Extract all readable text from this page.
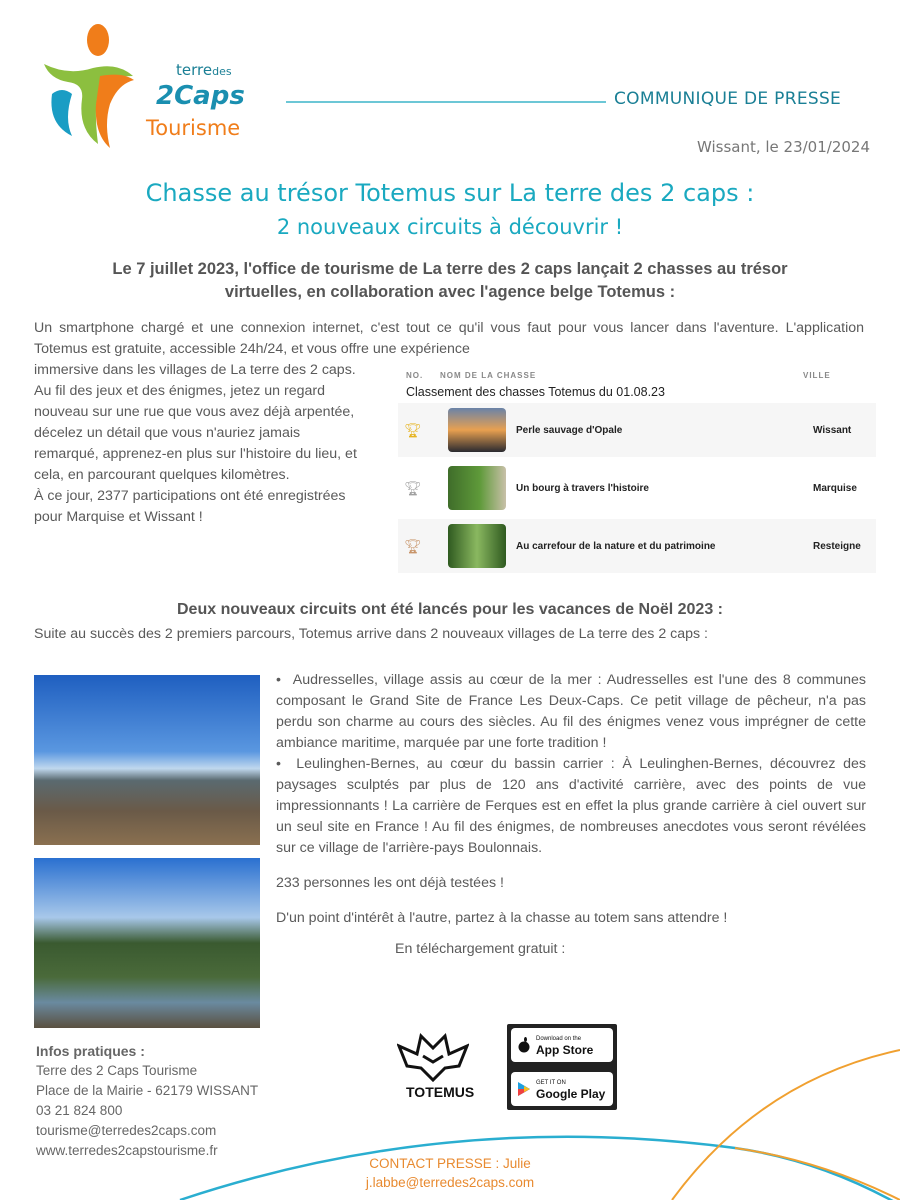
terredes
2Caps
Tourisme
COMMUNIQUE DE PRESSE
Wissant, le 23/01/2024
Chasse au trésor Totemus sur La terre des 2 caps :
2 nouveaux circuits à découvrir !
Le 7 juillet 2023, l'office de tourisme de La terre des 2 caps lançait 2 chasses au trésor virtuelles, en collaboration avec l'agence belge Totemus :
Un smartphone chargé et une connexion internet, c'est tout ce qu'il vous faut pour vous lancer dans l'aventure. L'application Totemus est gratuite, accessible 24h/24, et vous offre une expérience
immersive dans les villages de La terre des 2 caps. Au fil des jeux et des énigmes, jetez un regard nouveau sur une rue que vous avez déjà arpentée, décelez un détail que vous n'auriez jamais remarqué, apprenez-en plus sur l'histoire du lieu, et cela, en parcourant quelques kilomètres.
À ce jour, 2377 participations ont été enregistrées pour Marquise et Wissant !
NO. NOM DE LA CHASSE	VILLE
Classement des chasses Totemus du 01.08.23
🏆︎	Perle sauvage d'Opale	Wissant
🏆︎	Un bourg à travers l'histoire	Marquise
🏆︎	Au carrefour de la nature et du patrimoine	Resteigne
Deux nouveaux circuits ont été lancés pour les vacances de Noël 2023 :
Suite au succès des 2 premiers parcours, Totemus arrive dans 2 nouveaux villages de La terre des 2 caps :
•  Audresselles, village assis au cœur de la mer : Audresselles est l'une des 8 communes composant le Grand Site de France Les Deux-Caps. Ce petit village de pêcheur, n'a pas perdu son charme au cours des siècles. Au fil des énigmes venez vous imprégner de cette ambiance maritime, marquée par une forte tradition !
•  Leulinghen-Bernes, au cœur du bassin carrier : À Leulinghen-Bernes, découvrez des paysages sculptés par plus de 120 ans d'activité carrière, avec des points de vue impressionnants ! La carrière de Ferques est en effet la plus grande carrière à ciel ouvert sur un seul site en France ! Au fil des énigmes, de nombreuses anecdotes vous seront révélées sur ce village de l'arrière-pays Boulonnais.
233 personnes les ont déjà testées !
D'un point d'intérêt à l'autre, partez à la chasse au totem sans attendre !
En téléchargement gratuit :
TOTEMUS
Download on the
App Store
GET IT ON
Google Play
Infos pratiques :
Terre des 2 Caps Tourisme
Place de la Mairie - 62179 WISSANT
03 21 824 800
tourisme@terredes2caps.com
www.terredes2capstourisme.fr
CONTACT PRESSE : Julie
j.labbe@terredes2caps.com
